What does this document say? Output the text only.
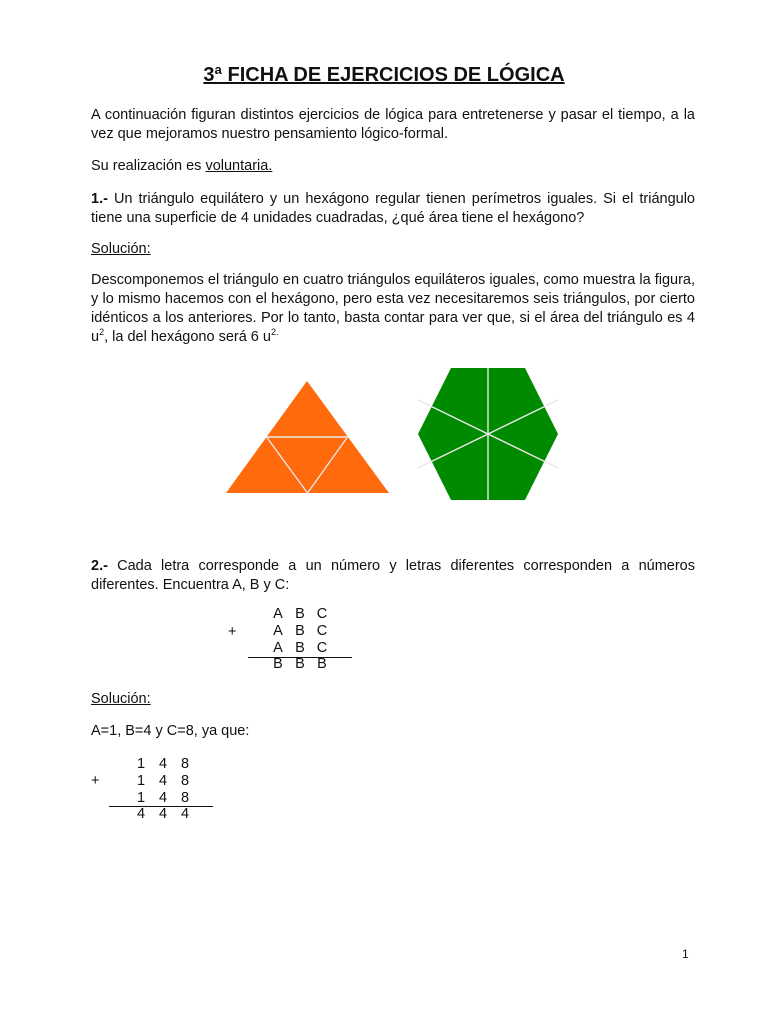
3ª FICHA DE EJERCICIOS DE LÓGICA

A continuación figuran distintos ejercicios de lógica para entretenerse y pasar el tiempo, a la vez que mejoramos nuestro pensamiento lógico-formal.

Su realización es voluntaria.

1.- Un triángulo equilátero y un hexágono regular tienen perímetros iguales. Si el triángulo tiene una superficie de 4 unidades cuadradas, ¿qué área tiene el hexágono?

Solución:

Descomponemos el triángulo en cuatro triángulos equiláteros iguales, como muestra la figura, y lo mismo hacemos con el hexágono, pero esta vez necesitaremos seis triángulos, por cierto idénticos a los anteriores. Por lo tanto, basta contar para ver que, si el área del triángulo es 4 $u^2$, la del hexágono será 6 $u^{2.}$

2.- Cada letra corresponde a un número y letras diferentes corresponden a números diferentes. Encuentra A, B y C:

+
A B C
A B C
A B C
B B B

Solución:

A=1, B=4 y C=8, ya que:

+
1 4 8
1 4 8
1 4 8
4 4 4
1
